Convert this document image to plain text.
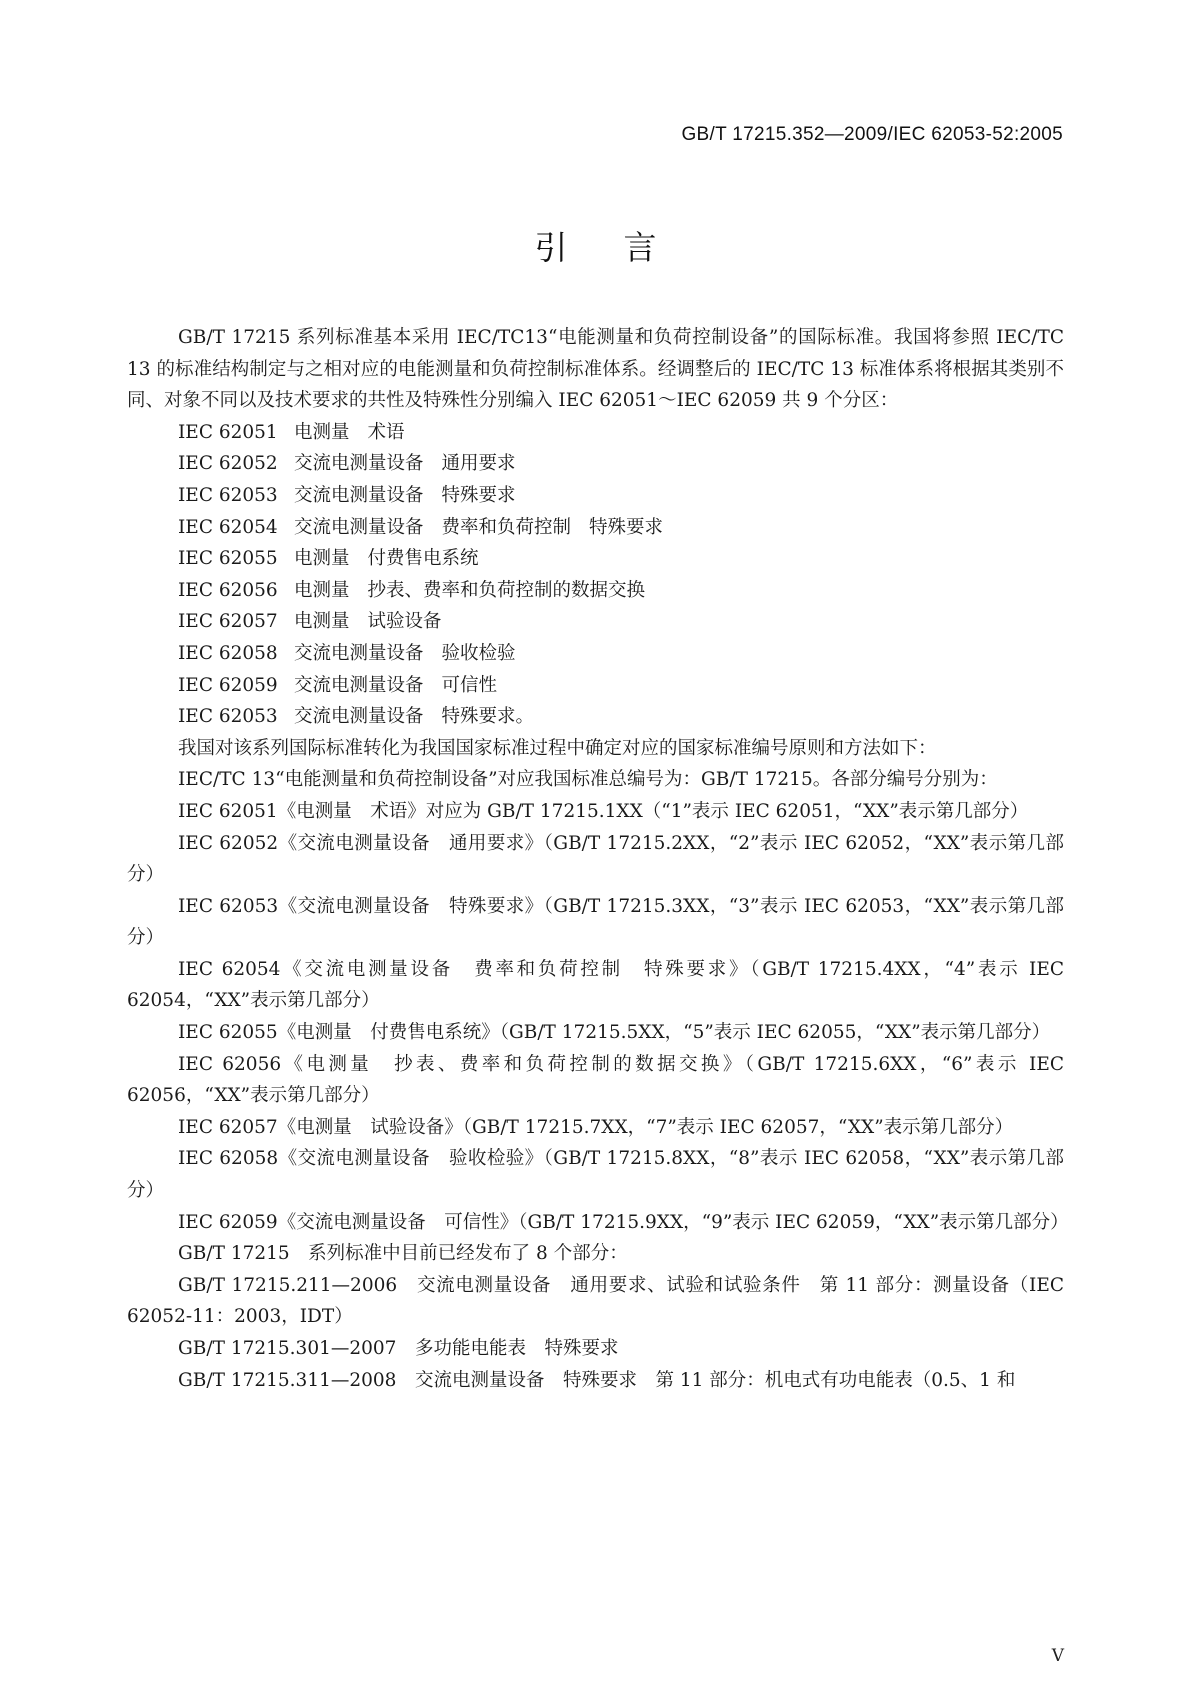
GB/T 17215.352—2009/IEC 62053-52:2005
引言

GB/T 17215 系列标准基本采用 IEC/TC13“电能测量和负荷控制设备”的国际标准。我国将参照 IEC/TC 13 的标准结构制定与之相对应的电能测量和负荷控制标准体系。经调整后的 IEC/TC 13 标准体系将根据其类别不同、对象不同以及技术要求的共性及特殊性分别编入 IEC 62051～IEC 62059 共 9 个分区：

IEC 62051 电测量 术语

IEC 62052 交流电测量设备 通用要求

IEC 62053 交流电测量设备 特殊要求

IEC 62054 交流电测量设备 费率和负荷控制 特殊要求

IEC 62055 电测量 付费售电系统

IEC 62056 电测量 抄表、费率和负荷控制的数据交换

IEC 62057 电测量 试验设备

IEC 62058 交流电测量设备 验收检验

IEC 62059 交流电测量设备 可信性

IEC 62053 交流电测量设备 特殊要求。

我国对该系列国际标准转化为我国国家标准过程中确定对应的国家标准编号原则和方法如下：

IEC/TC 13“电能测量和负荷控制设备”对应我国标准总编号为：GB/T 17215。各部分编号分别为：

IEC 62051《电测量　术语》对应为 GB/T 17215.1XX（“1”表示 IEC 62051，“XX”表示第几部分）

IEC 62052《交流电测量设备　通用要求》（GB/T 17215.2XX，“2”表示 IEC 62052，“XX”表示第几部分）

IEC 62053《交流电测量设备　特殊要求》（GB/T 17215.3XX，“3”表示 IEC 62053，“XX”表示第几部分）

IEC 62054《交流电测量设备　费率和负荷控制　特殊要求》（GB/T 17215.4XX，“4”表示 IEC 62054，“XX”表示第几部分）

IEC 62055《电测量　付费售电系统》（GB/T 17215.5XX，“5”表示 IEC 62055，“XX”表示第几部分）

IEC 62056《电测量　抄表、费率和负荷控制的数据交换》（GB/T 17215.6XX，“6”表示 IEC 62056，“XX”表示第几部分）

IEC 62057《电测量　试验设备》（GB/T 17215.7XX，“7”表示 IEC 62057，“XX”表示第几部分）

IEC 62058《交流电测量设备　验收检验》（GB/T 17215.8XX，“8”表示 IEC 62058，“XX”表示第几部分）

IEC 62059《交流电测量设备　可信性》（GB/T 17215.9XX，“9”表示 IEC 62059，“XX”表示第几部分）

GB/T 17215　系列标准中目前已经发布了 8 个部分：

GB/T 17215.211—2006　交流电测量设备　通用要求、试验和试验条件　第 11 部分：测量设备（IEC 62052-11：2003，IDT）

GB/T 17215.301—2007　多功能电能表　特殊要求

GB/T 17215.311—2008　交流电测量设备　特殊要求　第 11 部分：机电式有功电能表（0.5、1 和

V
